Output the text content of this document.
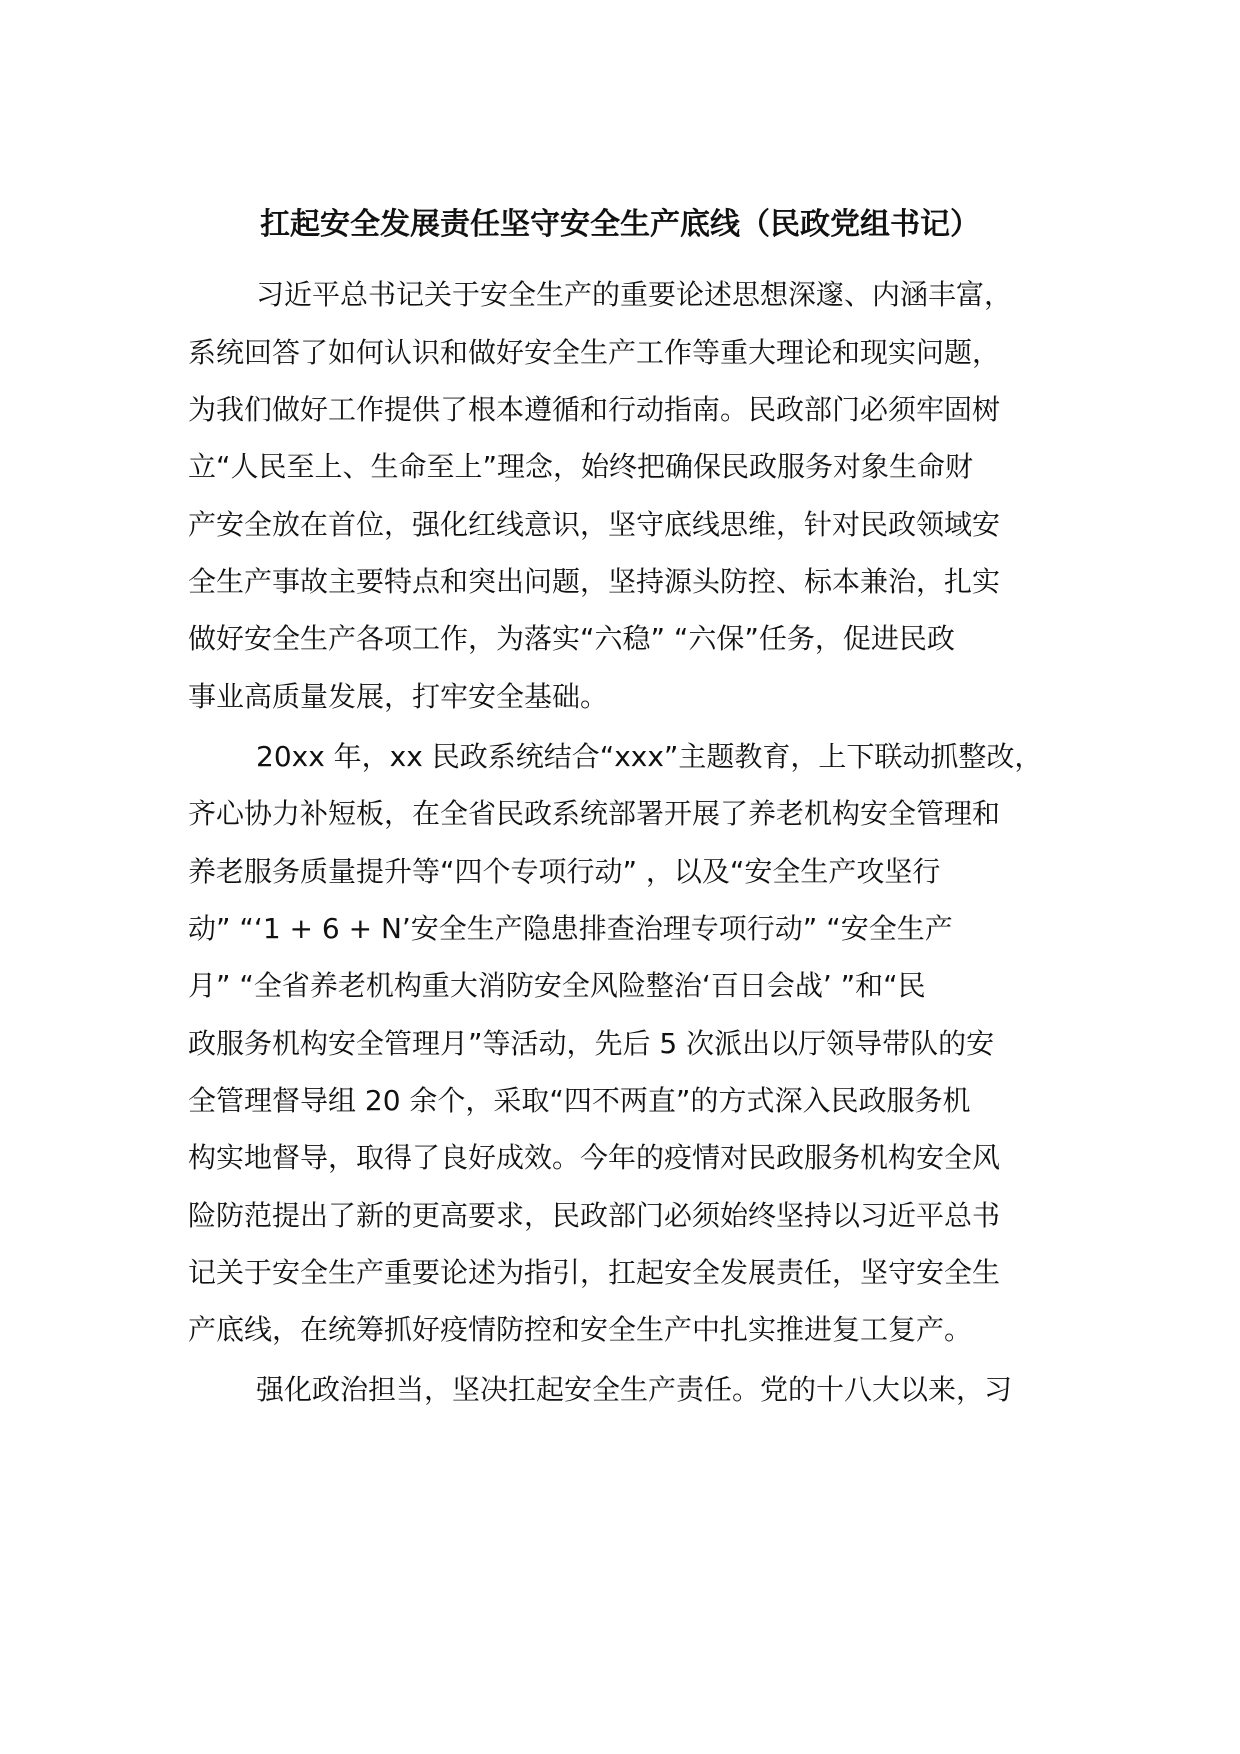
扛起安全发展责任坚守安全生产底线（民政党组书记）

习近平总书记关于安全生产的重要论述思想深邃、内涵丰富，

系统回答了如何认识和做好安全生产工作等重大理论和现实问题，

为我们做好工作提供了根本遵循和行动指南。民政部门必须牢固树

立“人民至上、生命至上”理念，始终把确保民政服务对象生命财

产安全放在首位，强化红线意识，坚守底线思维，针对民政领域安

全生产事故主要特点和突出问题，坚持源头防控、标本兼治，扎实

做好安全生产各项工作，为落实“六稳” “六保”任务，促进民政

事业高质量发展，打牢安全基础。

20xx 年，xx 民政系统结合“xxx”主题教育，上下联动抓整改，

齐心协力补短板，在全省民政系统部署开展了养老机构安全管理和

养老服务质量提升等“四个专项行动” ，以及“安全生产攻坚行

动” “‘1 + 6 + N’安全生产隐患排查治理专项行动” “安全生产

月” “全省养老机构重大消防安全风险整治‘百日会战’ ”和“民

政服务机构安全管理月”等活动，先后 5 次派出以厅领导带队的安

全管理督导组 20 余个，采取“四不两直”的方式深入民政服务机

构实地督导，取得了良好成效。今年的疫情对民政服务机构安全风

险防范提出了新的更高要求，民政部门必须始终坚持以习近平总书

记关于安全生产重要论述为指引，扛起安全发展责任，坚守安全生

产底线，在统筹抓好疫情防控和安全生产中扎实推进复工复产。

强化政治担当，坚决扛起安全生产责任。党的十八大以来，习
